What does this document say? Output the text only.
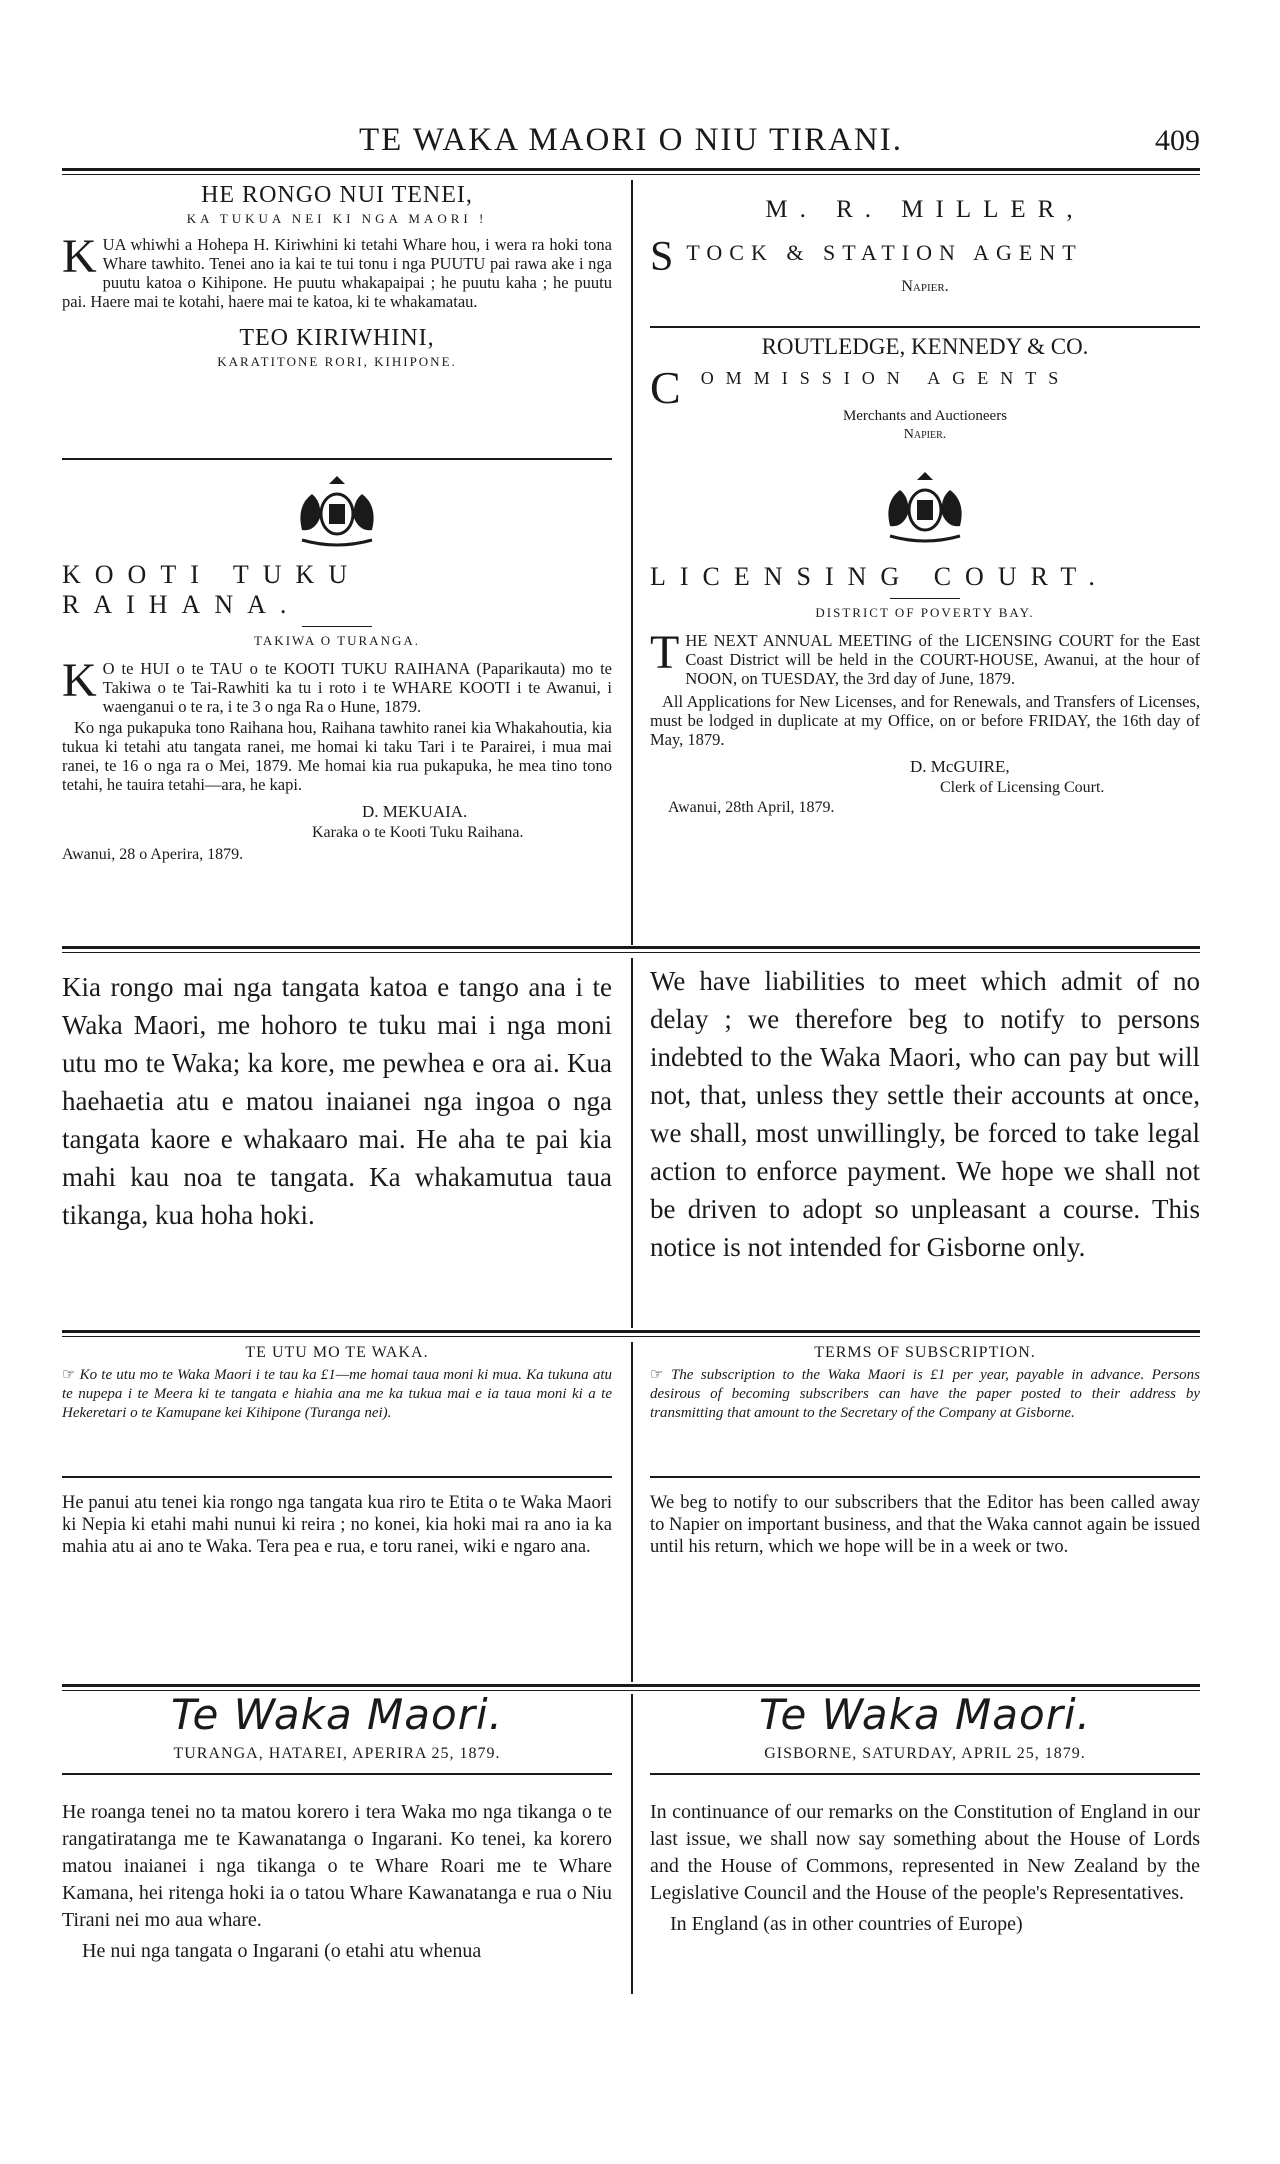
TE WAKA MAORI O NIU TIRANI.	409
HE RONGO NUI TENEI,
KA TUKUA NEI KI NGA MAORI !
K UA whiwhi a Hohepa H. Kiriwhini ki tetahi Whare hou, i wera ra hoki tona Whare tawhito. Tenei ano ia kai te tui tonu i nga PUUTU pai rawa ake i nga puutu katoa o Kihipone. He puutu whakapaipai ; he puutu kaha ; he puutu pai. Haere mai te kotahi, haere mai te katoa, ki te whakamatau.

TEO KIRIWHINI,
KARATITONE RORI, KIHIPONE.
KOOTI TUKU RAIHANA.
TAKIWA O TURANGA.
K O te HUI o te TAU o te KOOTI TUKU RAIHANA (Paparikauta) mo te Takiwa o te Tai-Rawhiti ka tu i roto i te WHARE KOOTI i te Awanui, i waenganui o te ra, i te 3 o nga Ra o Hune, 1879.

Ko nga pukapuka tono Raihana hou, Raihana tawhito ranei kia Whakahoutia, kia tukua ki tetahi atu tangata ranei, me homai ki taku Tari i te Parairei, i mua mai ranei, te 16 o nga ra o Mei, 1879. Me homai kia rua pukapuka, he mea tino tono tetahi, he tauira tetahi—ara, he kapi.

D. MEKUAIA.
Karaka o te Kooti Tuku Raihana.
Awanui, 28 o Aperira, 1879.
M. R. MILLER,
S TOCK & STATION AGENT
Napier.
ROUTLEDGE, KENNEDY & CO.
C OMMISSION AGENTS
Merchants and Auctioneers
Napier.
LICENSING COURT.
DISTRICT OF POVERTY BAY.
T HE NEXT ANNUAL MEETING of the LICENSING COURT for the East Coast District will be held in the COURT-HOUSE, Awanui, at the hour of NOON, on TUESDAY, the 3rd day of June, 1879.

All Applications for New Licenses, and for Renewals, and Transfers of Licenses, must be lodged in duplicate at my Office, on or before FRIDAY, the 16th day of May, 1879.

D. McGUIRE,
Clerk of Licensing Court.
Awanui, 28th April, 1879.

Kia rongo mai nga tangata katoa e tango ana i te Waka Maori, me hohoro te tuku mai i nga moni utu mo te Waka; ka kore, me pewhea e ora ai. Kua haehaetia atu e matou inaianei nga ingoa o nga tangata kaore e whakaaro mai. He aha te pai kia mahi kau noa te tangata. Ka whakamutua taua tikanga, kua hoha hoki.

We have liabilities to meet which admit of no delay ; we therefore beg to notify to persons indebted to the Waka Maori, who can pay but will not, that, unless they settle their accounts at once, we shall, most unwillingly, be forced to take legal action to enforce payment. We hope we shall not be driven to adopt so unpleasant a course. This notice is not intended for Gisborne only.

TE UTU MO TE WAKA.

☞ Ko te utu mo te Waka Maori i te tau ka £1—me homai taua moni ki mua. Ka tukuna atu te nupepa i te Meera ki te tangata e hiahia ana me ka tukua mai e ia taua moni ki a te Hekeretari o te Kamupane kei Kihipone (Turanga nei).

TERMS OF SUBSCRIPTION.

☞ The subscription to the Waka Maori is £1 per year, payable in advance. Persons desirous of becoming subscribers can have the paper posted to their address by transmitting that amount to the Secretary of the Company at Gisborne.

He panui atu tenei kia rongo nga tangata kua riro te Etita o te Waka Maori ki Nepia ki etahi mahi nunui ki reira ; no konei, kia hoki mai ra ano ia ka mahia atu ai ano te Waka. Tera pea e rua, e toru ranei, wiki e ngaro ana.

We beg to notify to our subscribers that the Editor has been called away to Napier on important business, and that the Waka cannot again be issued until his return, which we hope will be in a week or two.

Te Waka Maori.
TURANGA, HATAREI, APERIRA 25, 1879.

He roanga tenei no ta matou korero i tera Waka mo nga tikanga o te rangatiratanga me te Kawanatanga o Ingarani. Ko tenei, ka korero matou inaianei i nga tikanga o te Whare Roari me te Whare Kamana, hei ritenga hoki ia o tatou Whare Kawanatanga e rua o Niu Tirani nei mo aua whare.

He nui nga tangata o Ingarani (o etahi atu whenua

Te Waka Maori.
GISBORNE, SATURDAY, APRIL 25, 1879.

In continuance of our remarks on the Constitution of England in our last issue, we shall now say something about the House of Lords and the House of Commons, represented in New Zealand by the Legislative Council and the House of the people's Representatives.

In England (as in other countries of Europe)
